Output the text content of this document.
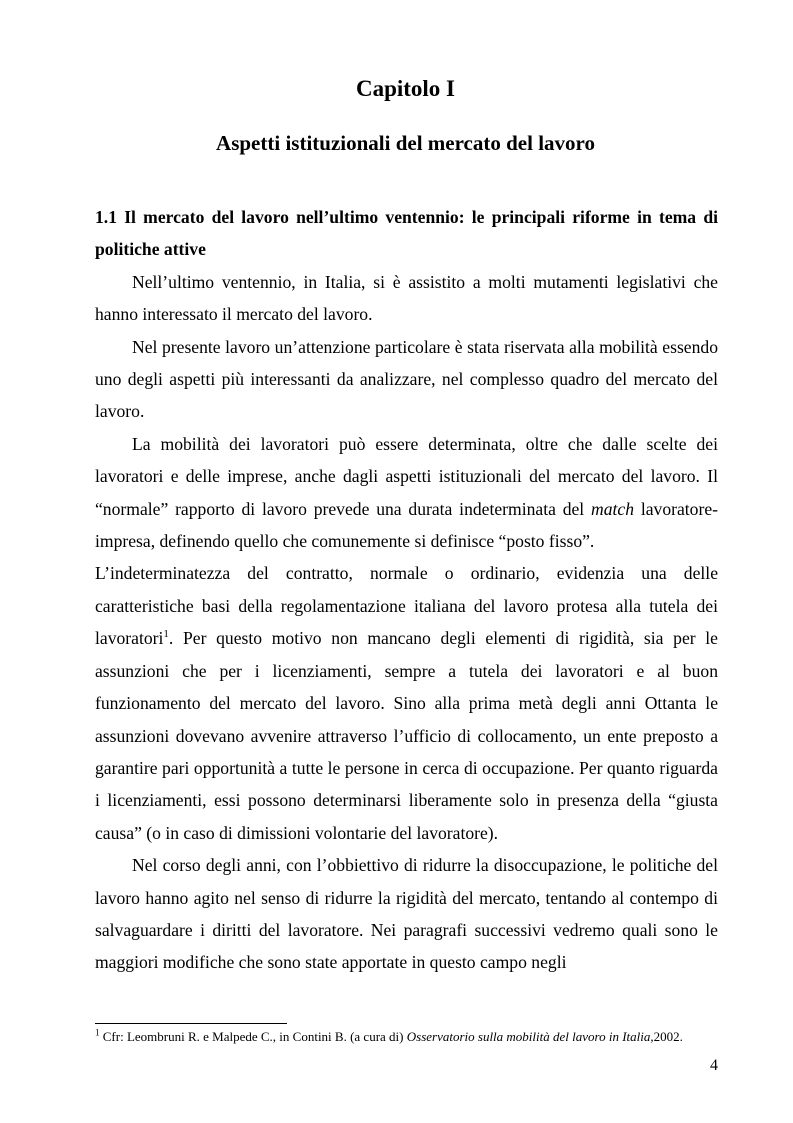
Capitolo I
Aspetti istituzionali del mercato del lavoro

1.1 Il mercato del lavoro nell’ultimo ventennio: le principali riforme in tema di politiche attive

Nell’ultimo ventennio, in Italia, si è assistito a molti mutamenti legislativi che hanno interessato il mercato del lavoro.

Nel presente lavoro un’attenzione particolare è stata riservata alla mobilità essendo uno degli aspetti più interessanti da analizzare, nel complesso quadro del mercato del lavoro.

La mobilità dei lavoratori può essere determinata, oltre che dalle scelte dei lavoratori e delle imprese, anche dagli aspetti istituzionali del mercato del lavoro. Il “normale” rapporto di lavoro prevede una durata indeterminata del match lavoratore-impresa, definendo quello che comunemente si definisce “posto fisso”.

L’indeterminatezza del contratto, normale o ordinario, evidenzia una delle caratteristiche basi della regolamentazione italiana del lavoro protesa alla tutela dei lavoratori$^1$. Per questo motivo non mancano degli elementi di rigidità, sia per le assunzioni che per i licenziamenti, sempre a tutela dei lavoratori e al buon funzionamento del mercato del lavoro. Sino alla prima metà degli anni Ottanta le assunzioni dovevano avvenire attraverso l’ufficio di collocamento, un ente preposto a garantire pari opportunità a tutte le persone in cerca di occupazione. Per quanto riguarda i licenziamenti, essi possono determinarsi liberamente solo in presenza della “giusta causa” (o in caso di dimissioni volontarie del lavoratore).

Nel corso degli anni, con l’obbiettivo di ridurre la disoccupazione, le politiche del lavoro hanno agito nel senso di ridurre la rigidità del mercato, tentando al contempo di salvaguardare i diritti del lavoratore. Nei paragrafi successivi vedremo quali sono le maggiori modifiche che sono state apportate in questo campo negli

$^1$ Cfr: Leombruni R. e Malpede C., in Contini B. (a cura di) Osservatorio sulla mobilità del lavoro in Italia,2002.
4
